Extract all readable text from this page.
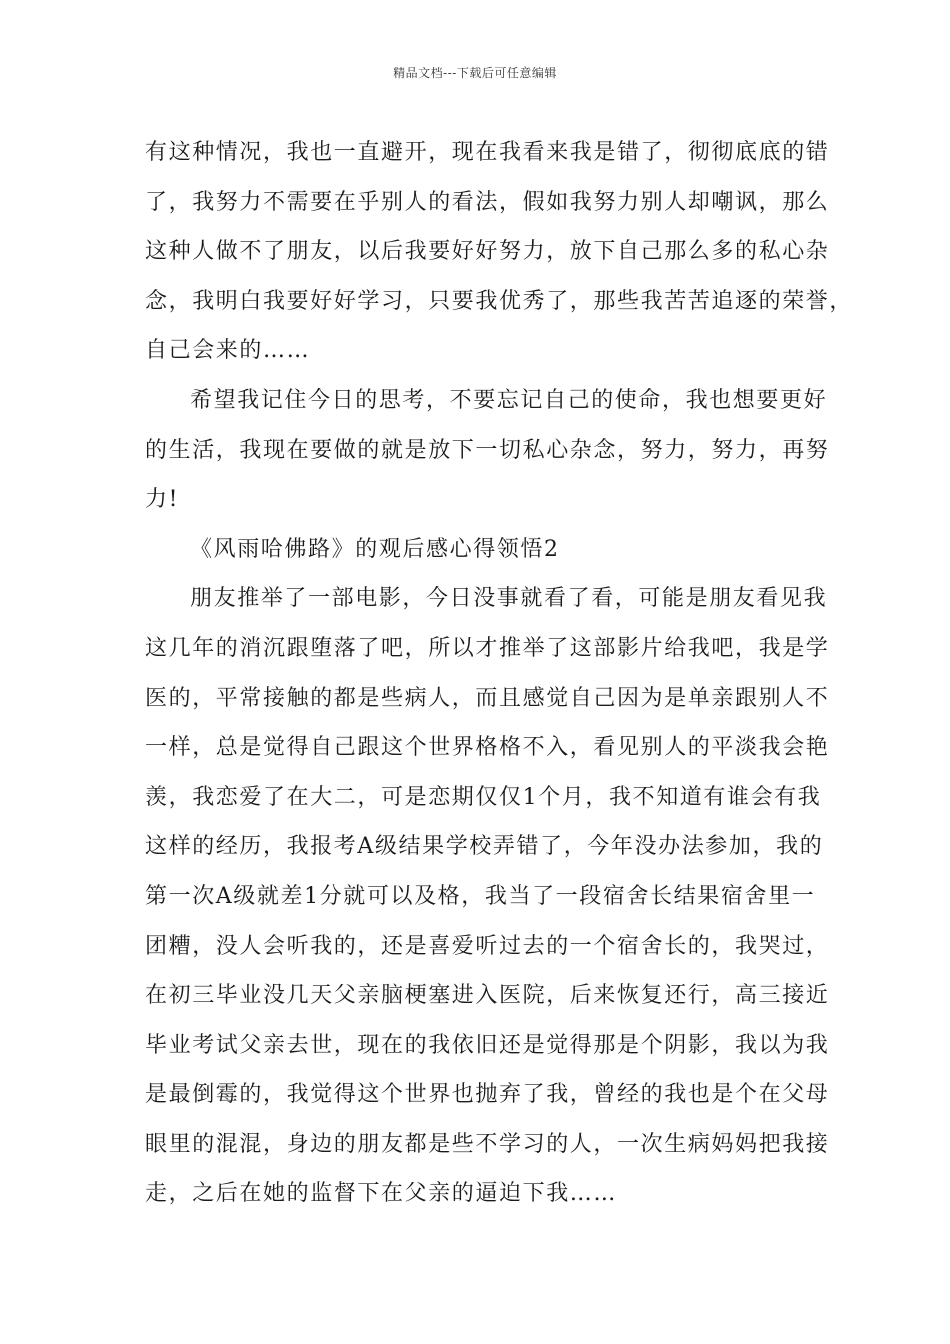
精品文档---下载后可任意编辑
有这种情况，我也一直避开，现在我看来我是错了，彻彻底底的错
了，我努力不需要在乎别人的看法，假如我努力别人却嘲讽，那么
这种人做不了朋友，以后我要好好努力，放下自己那么多的私心杂
念，我明白我要好好学习，只要我优秀了，那些我苦苦追逐的荣誉，
自己会来的……
希望我记住今日的思考，不要忘记自己的使命，我也想要更好
的生活，我现在要做的就是放下一切私心杂念，努力，努力，再努
力!
《风雨哈佛路》的观后感心得领悟2
朋友推举了一部电影，今日没事就看了看，可能是朋友看见我
这几年的消沉跟堕落了吧，所以才推举了这部影片给我吧，我是学
医的，平常接触的都是些病人，而且感觉自己因为是单亲跟别人不
一样，总是觉得自己跟这个世界格格不入，看见别人的平淡我会艳
羡，我恋爱了在大二，可是恋期仅仅1个月，我不知道有谁会有我
这样的经历，我报考A级结果学校弄错了，今年没办法参加，我的
第一次A级就差1分就可以及格，我当了一段宿舍长结果宿舍里一
团糟，没人会听我的，还是喜爱听过去的一个宿舍长的，我哭过，
在初三毕业没几天父亲脑梗塞进入医院，后来恢复还行，高三接近
毕业考试父亲去世，现在的我依旧还是觉得那是个阴影，我以为我
是最倒霉的，我觉得这个世界也抛弃了我，曾经的我也是个在父母
眼里的混混，身边的朋友都是些不学习的人，一次生病妈妈把我接
走，之后在她的监督下在父亲的逼迫下我……
